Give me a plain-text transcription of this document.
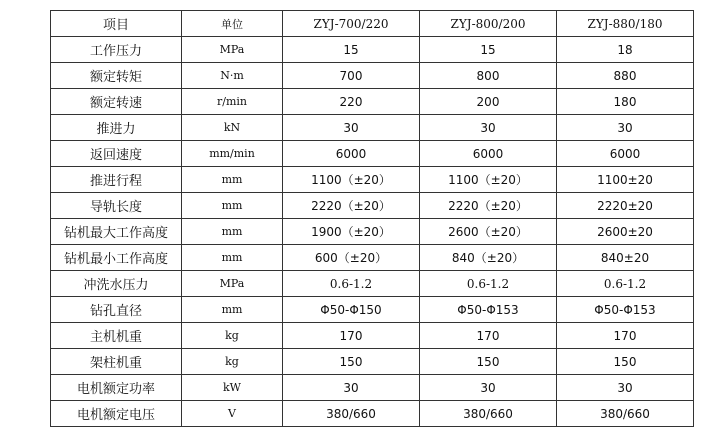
项目	单位	ZYJ-700/220	ZYJ-800/200	ZYJ-880/180
工作压力	MPa	15	15	18
额定转矩	N·m	700	800	880
额定转速	r/min	220	200	180
推进力	kN	30	30	30
返回速度	mm/min	6000	6000	6000
推进行程	mm	1100（±20）	1100（±20）	1100±20
导轨长度	mm	2220（±20）	2220（±20）	2220±20
钻机最大工作高度	mm	1900（±20）	2600（±20）	2600±20
钻机最小工作高度	mm	600（±20）	840（±20）	840±20
冲洗水压力	MPa	0.6-1.2	0.6-1.2	0.6-1.2
钻孔直径	mm	Φ50-Φ150	Φ50-Φ153	Φ50-Φ153
主机机重	kg	170	170	170
架柱机重	kg	150	150	150
电机额定功率	kW	30	30	30
电机额定电压	V	380/660	380/660	380/660
